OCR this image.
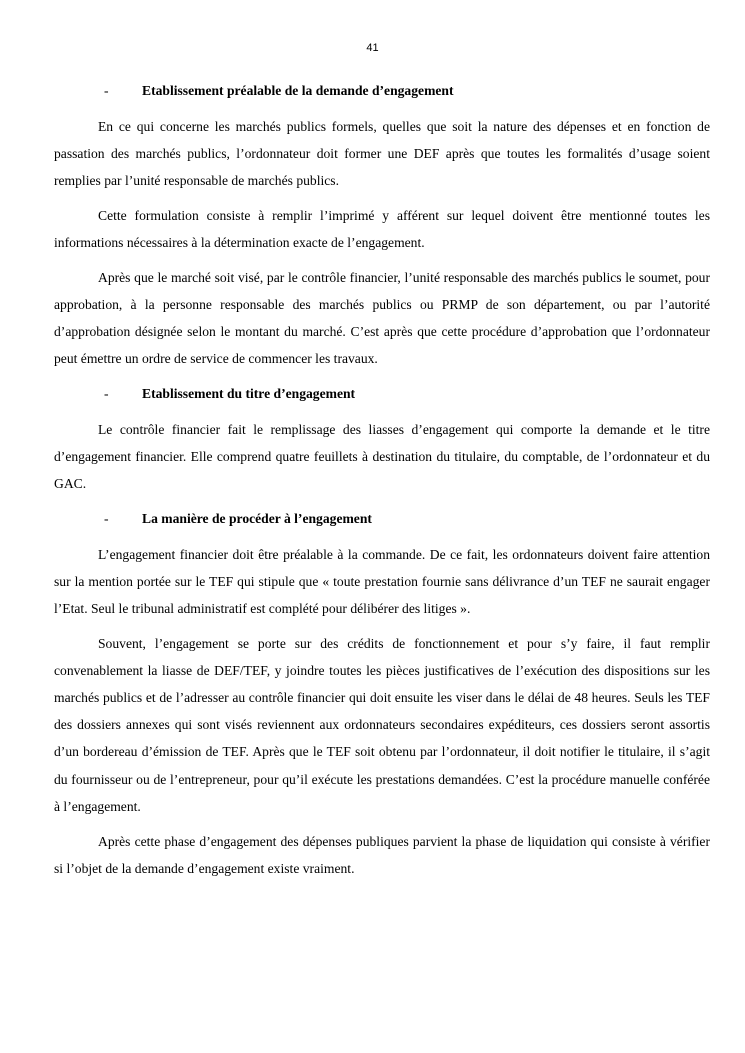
41
- Etablissement préalable de la demande d’engagement

En ce qui concerne les marchés publics formels, quelles que soit la nature des dépenses et en fonction de passation des marchés publics, l’ordonnateur doit former une DEF après que toutes les formalités d’usage soient remplies par l’unité responsable de marchés publics.

Cette formulation consiste à remplir l’imprimé y afférent sur lequel doivent être mentionné toutes les informations nécessaires à la détermination exacte de l’engagement.

Après que le marché soit visé, par le contrôle financier, l’unité responsable des marchés publics le soumet, pour approbation, à la personne responsable des marchés publics ou PRMP de son département, ou par l’autorité d’approbation désignée selon le montant du marché. C’est après que cette procédure d’approbation que l’ordonnateur peut émettre un ordre de service de commencer les travaux.

- Etablissement du titre d’engagement

Le contrôle financier fait le remplissage des liasses d’engagement qui comporte la demande et le titre d’engagement financier. Elle comprend quatre feuillets à destination du titulaire, du comptable, de l’ordonnateur et du GAC.

- La manière de procéder à l’engagement

L’engagement financier doit être préalable à la commande. De ce fait, les ordonnateurs doivent faire attention sur la mention portée sur le TEF qui stipule que « toute prestation fournie sans délivrance d’un TEF ne saurait engager l’Etat. Seul le tribunal administratif est complété pour délibérer des litiges ».

Souvent, l’engagement se porte sur des crédits de fonctionnement et pour s’y faire, il faut remplir convenablement la liasse de DEF/TEF, y joindre toutes les pièces justificatives de l’exécution des dispositions sur les marchés publics et de l’adresser au contrôle financier qui doit ensuite les viser dans le délai de 48 heures. Seuls les TEF des dossiers annexes qui sont visés reviennent aux ordonnateurs secondaires expéditeurs, ces dossiers seront assortis d’un bordereau d’émission de TEF. Après que le TEF soit obtenu par l’ordonnateur, il doit notifier le titulaire, il s’agit du fournisseur ou de l’entrepreneur, pour qu’il exécute les prestations demandées. C’est la procédure manuelle conférée à l’engagement.

Après cette phase d’engagement des dépenses publiques parvient la phase de liquidation qui consiste à vérifier si l’objet de la demande d’engagement existe vraiment.
